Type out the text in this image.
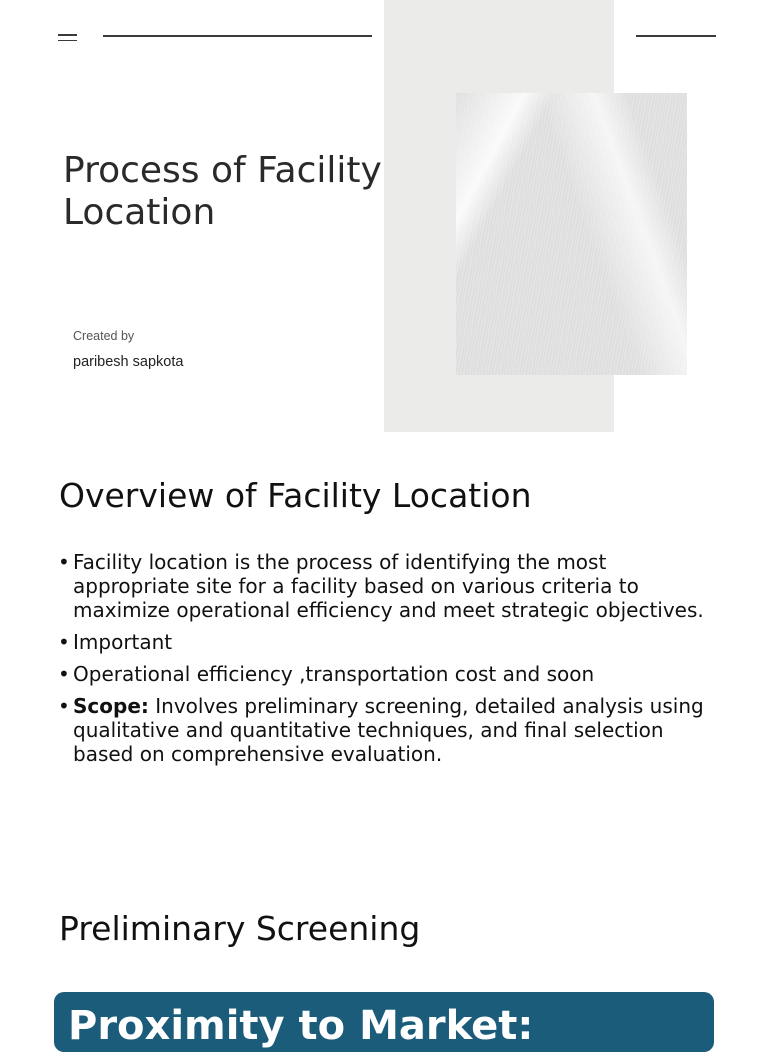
Process of Facility Location
Created by
paribesh sapkota
Overview of Facility Location
• Facility location is the process of identifying the most appropriate site for a facility based on various criteria to maximize operational efficiency and meet strategic objectives.
• Important
• Operational efficiency ,transportation cost and soon
• Scope: Involves preliminary screening, detailed analysis using qualitative and quantitative techniques, and final selection based on comprehensive evaluation.
Preliminary Screening
Proximity to Market:
